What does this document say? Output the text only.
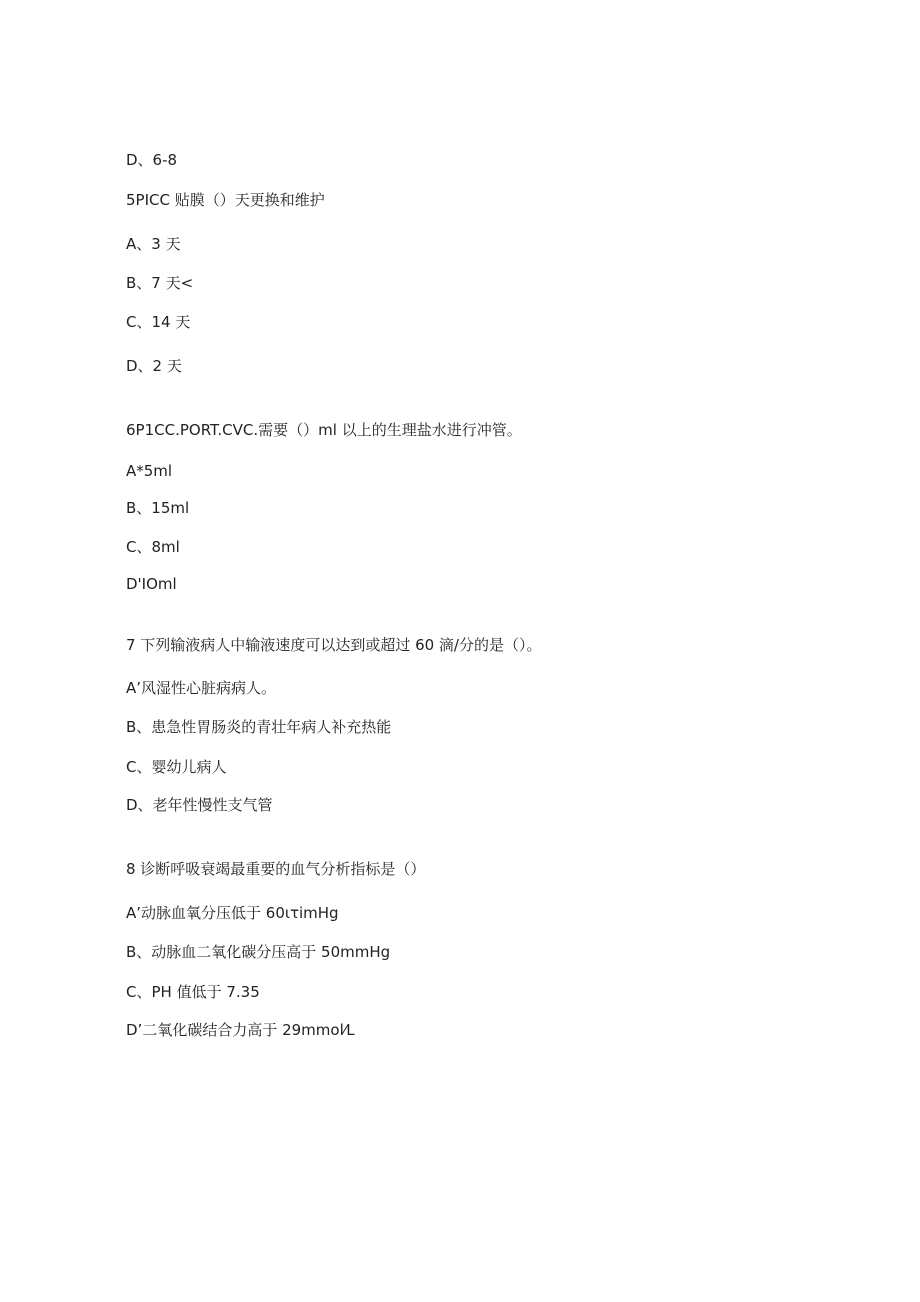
D、6-8
5PICC 贴膜（）天更换和维护
A、3 天
B、7 天<
C、14 天
D、2 天
6P1CC.PORT.CVC.需要（）ml 以上的生理盐水进行冲管。
A*5ml
B、15ml
C、8ml
D'IOml
7 下列输液病人中输液速度可以达到或超过 60 滴/分的是（）。
A’风湿性心脏病病人。
B、患急性胃肠炎的青壮年病人补充热能
C、婴幼儿病人
D、老年性慢性支气管
8 诊断呼吸衰竭最重要的血气分析指标是（）
A’动脉血氧分压低于 60ιτimHg
B、动脉血二氧化碳分压高于 50mmHg
C、PH 值低于 7.35
D’二氧化碳结合力高于 29mmol⁄L
